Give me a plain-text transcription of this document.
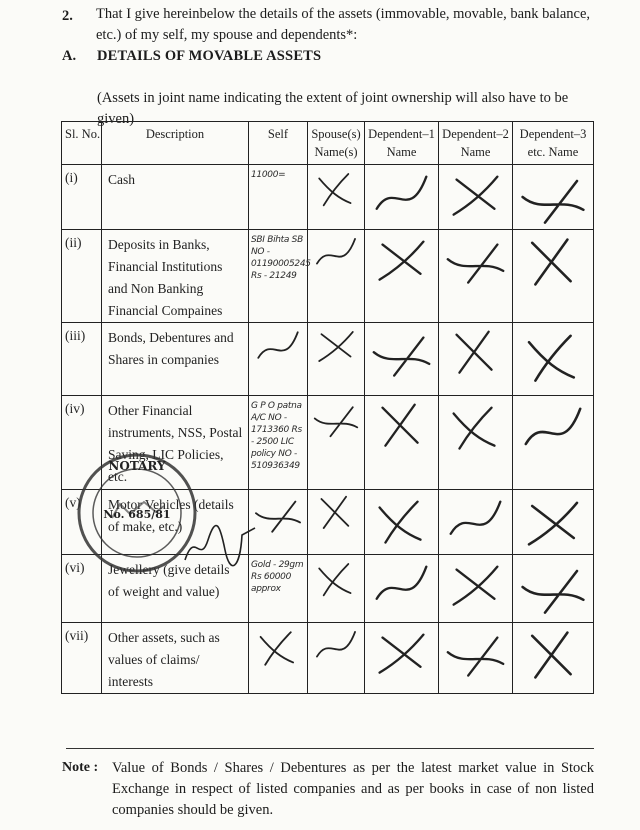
2. That I give hereinbelow the details of the assets (immovable, movable, bank balance, etc.) of my self, my spouse and dependents*:
A. DETAILS OF MOVABLE ASSETS

(Assets in joint name indicating the extent of joint ownership will also have to be given)
Sl. No.	Description	Self	Spouse(s) Name(s)	Dependent–1 Name	Dependent–2 Name	Dependent–3 etc. Name
(i)	Cash	11000=

(ii)	Deposits in Banks, Financial Institutions and Non Banking Financial Compaines	SBI Bihta SB NO - 01190005245 Rs - 21249

(iii)	Bonds, Debentures and Shares in companies	

(iv)	Other Financial instruments, NSS, Postal Saving, LIC Policies, etc.	G P O patna A/C NO - 1713360 Rs - 2500 LIC policy NO - 510936349

(v)	Motor Vehicles (details of make, etc.)	

(vi)	Jewellery (give details of weight and value)	Gold - 29gm Rs 60000 approx

(vii)	Other assets, such as values of claims/ interests	

NOTARY
No. 685/81
Note : Value of Bonds / Shares / Debentures as per the latest market value in Stock Exchange in respect of listed companies and as per books in case of non listed companies should be given.
